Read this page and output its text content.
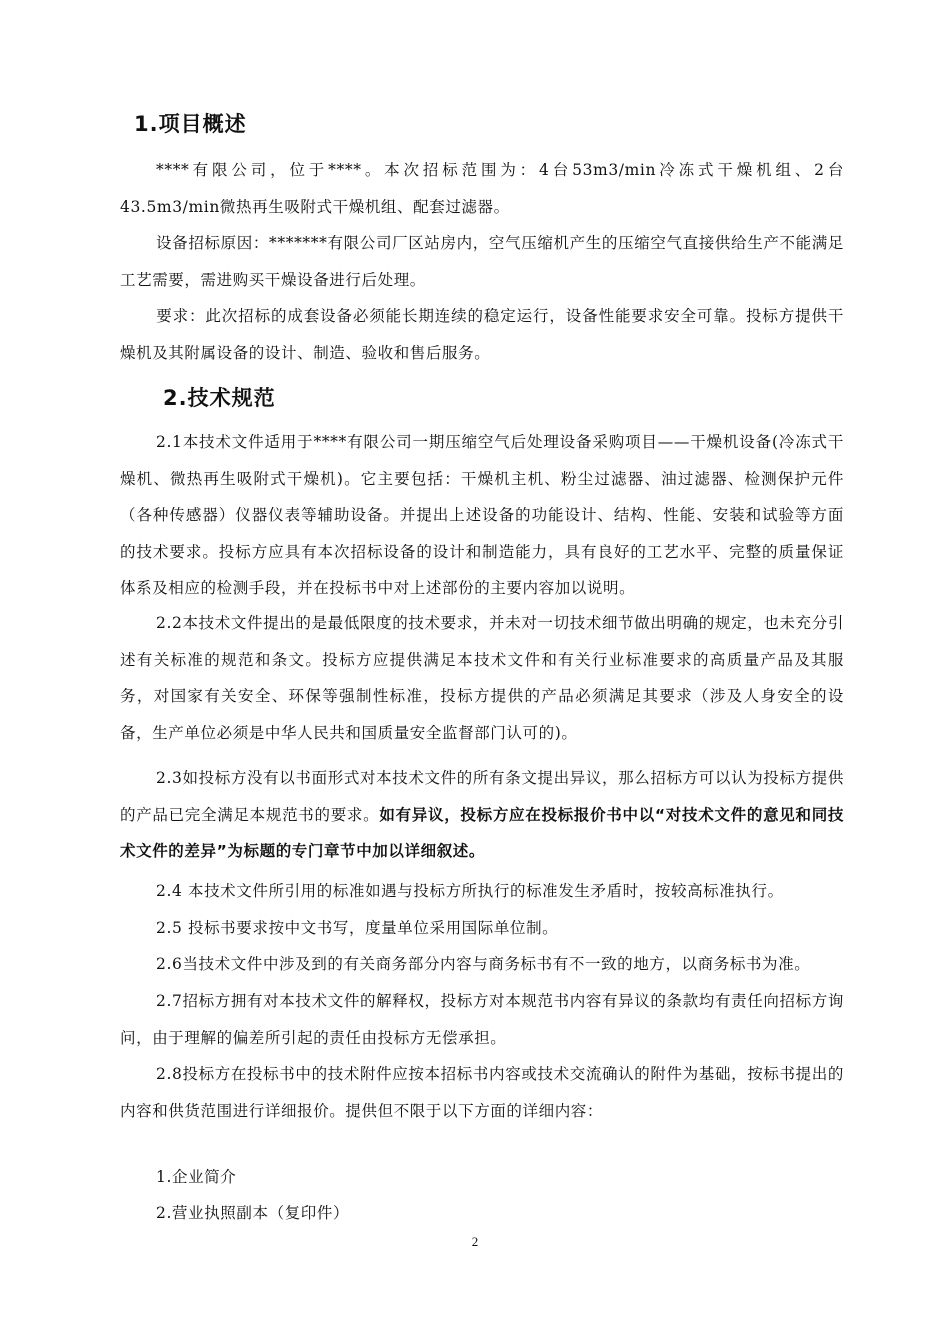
1.项目概述

****有限公司，位于****。本次招标范围为：4台53m3/min冷冻式干燥机组、2台43.5m3/min微热再生吸附式干燥机组、配套过滤器。

设备招标原因：*******有限公司厂区站房内，空气压缩机产生的压缩空气直接供给生产不能满足工艺需要，需进购买干燥设备进行后处理。

要求：此次招标的成套设备必须能长期连续的稳定运行，设备性能要求安全可靠。投标方提供干燥机及其附属设备的设计、制造、验收和售后服务。

2.技术规范

2.1本技术文件适用于****有限公司一期压缩空气后处理设备采购项目——干燥机设备(冷冻式干燥机、微热再生吸附式干燥机)。它主要包括：干燥机主机、粉尘过滤器、油过滤器、检测保护元件（各种传感器）仪器仪表等辅助设备。并提出上述设备的功能设计、结构、性能、安装和试验等方面的技术要求。投标方应具有本次招标设备的设计和制造能力，具有良好的工艺水平、完整的质量保证体系及相应的检测手段，并在投标书中对上述部份的主要内容加以说明。

2.2本技术文件提出的是最低限度的技术要求，并未对一切技术细节做出明确的规定，也未充分引述有关标准的规范和条文。投标方应提供满足本技术文件和有关行业标准要求的高质量产品及其服务，对国家有关安全、环保等强制性标准，投标方提供的产品必须满足其要求（涉及人身安全的设备，生产单位必须是中华人民共和国质量安全监督部门认可的)。

2.3如投标方没有以书面形式对本技术文件的所有条文提出异议，那么招标方可以认为投标方提供的产品已完全满足本规范书的要求。如有异议，投标方应在投标报价书中以“对技术文件的意见和同技术文件的差异”为标题的专门章节中加以详细叙述。

2.4 本技术文件所引用的标准如遇与投标方所执行的标准发生矛盾时，按较高标准执行。

2.5 投标书要求按中文书写，度量单位采用国际单位制。

2.6当技术文件中涉及到的有关商务部分内容与商务标书有不一致的地方，以商务标书为准。

2.7招标方拥有对本技术文件的解释权，投标方对本规范书内容有异议的条款均有责任向招标方询问，由于理解的偏差所引起的责任由投标方无偿承担。

2.8投标方在投标书中的技术附件应按本招标书内容或技术交流确认的附件为基础，按标书提出的内容和供货范围进行详细报价。提供但不限于以下方面的详细内容：

1.企业简介

2.营业执照副本（复印件）

2
